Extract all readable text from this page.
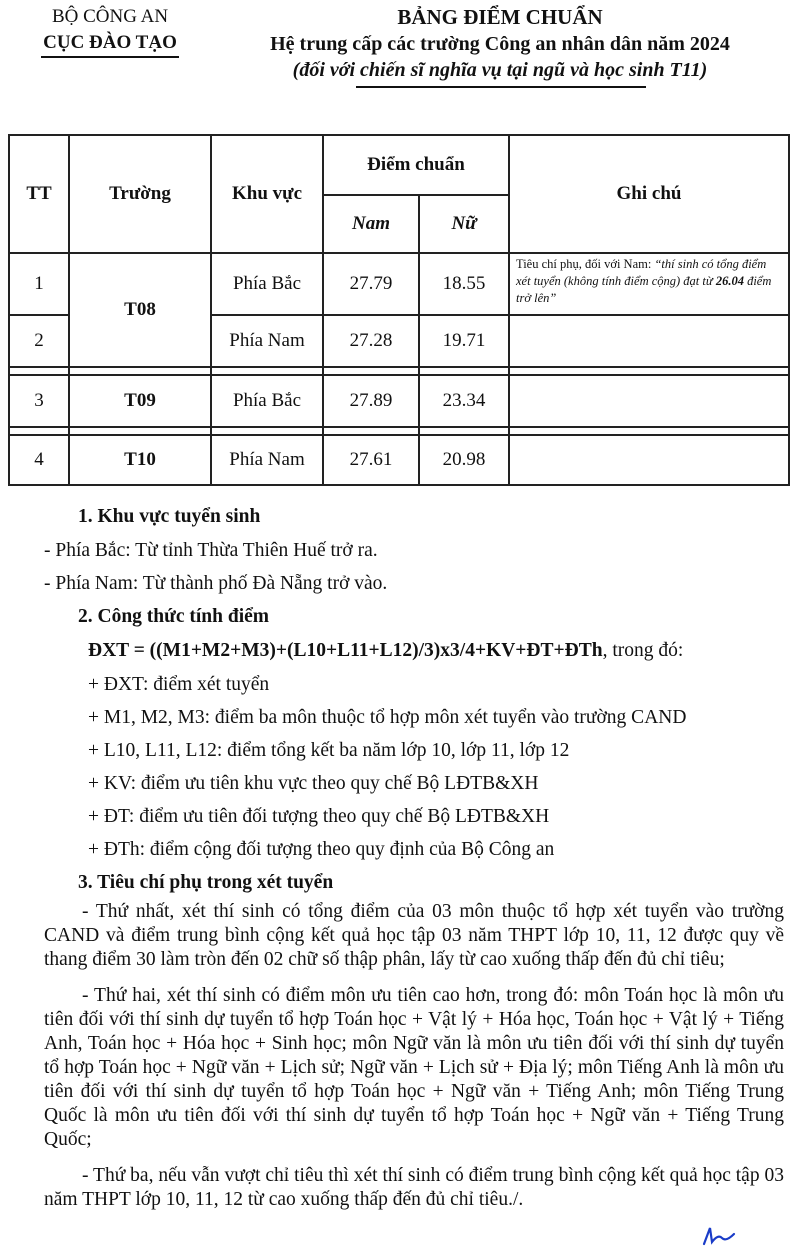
BỘ CÔNG AN
CỤC ĐÀO TẠO
BẢNG ĐIỂM CHUẨN
Hệ trung cấp các trường Công an nhân dân năm 2024
(đối với chiến sĩ nghĩa vụ tại ngũ và học sinh T11)
TT	Trường	Khu vực	Điểm chuẩn		Ghi chú
			Nam	Nữ	
1	T08	Phía Bắc	27.79	18.55	Tiêu chí phụ, đối với Nam: “thí sinh có tổng điểm xét tuyển (không tính điểm cộng) đạt từ 26.04 điểm trở lên”
2		Phía Nam	27.28	19.71	

3	T09	Phía Bắc	27.89	23.34	

4	T10	Phía Nam	27.61	20.98	
1. Khu vực tuyển sinh
- Phía Bắc: Từ tỉnh Thừa Thiên Huế trở ra.
- Phía Nam: Từ thành phố Đà Nẵng trở vào.
2. Công thức tính điểm
ĐXT = ((M1+M2+M3)+(L10+L11+L12)/3)x3/4+KV+ĐT+ĐTh, trong đó:
+ ĐXT: điểm xét tuyển
+ M1, M2, M3: điểm ba môn thuộc tổ hợp môn xét tuyển vào trường CAND
+ L10, L11, L12: điểm tổng kết ba năm lớp 10, lớp 11, lớp 12
+ KV: điểm ưu tiên khu vực theo quy chế Bộ LĐTB&XH
+ ĐT: điểm ưu tiên đối tượng theo quy chế Bộ LĐTB&XH
+ ĐTh: điểm cộng đối tượng theo quy định của Bộ Công an
3. Tiêu chí phụ trong xét tuyển

- Thứ nhất, xét thí sinh có tổng điểm của 03 môn thuộc tổ hợp xét tuyển vào trường CAND và điểm trung bình cộng kết quả học tập 03 năm THPT lớp 10, 11, 12 được quy về thang điểm 30 làm tròn đến 02 chữ số thập phân, lấy từ cao xuống thấp đến đủ chỉ tiêu;

- Thứ hai, xét thí sinh có điểm môn ưu tiên cao hơn, trong đó: môn Toán học là môn ưu tiên đối với thí sinh dự tuyển tổ hợp Toán học + Vật lý + Hóa học, Toán học + Vật lý + Tiếng Anh, Toán học + Hóa học + Sinh học; môn Ngữ văn là môn ưu tiên đối với thí sinh dự tuyển tổ hợp Toán học + Ngữ văn + Lịch sử; Ngữ văn + Lịch sử + Địa lý; môn Tiếng Anh là môn ưu tiên đối với thí sinh dự tuyển tổ hợp Toán học + Ngữ văn + Tiếng Anh; môn Tiếng Trung Quốc là môn ưu tiên đối với thí sinh dự tuyển tổ hợp Toán học + Ngữ văn + Tiếng Trung Quốc;

- Thứ ba, nếu vẫn vượt chỉ tiêu thì xét thí sinh có điểm trung bình cộng kết quả học tập 03 năm THPT lớp 10, 11, 12 từ cao xuống thấp đến đủ chỉ tiêu./.
